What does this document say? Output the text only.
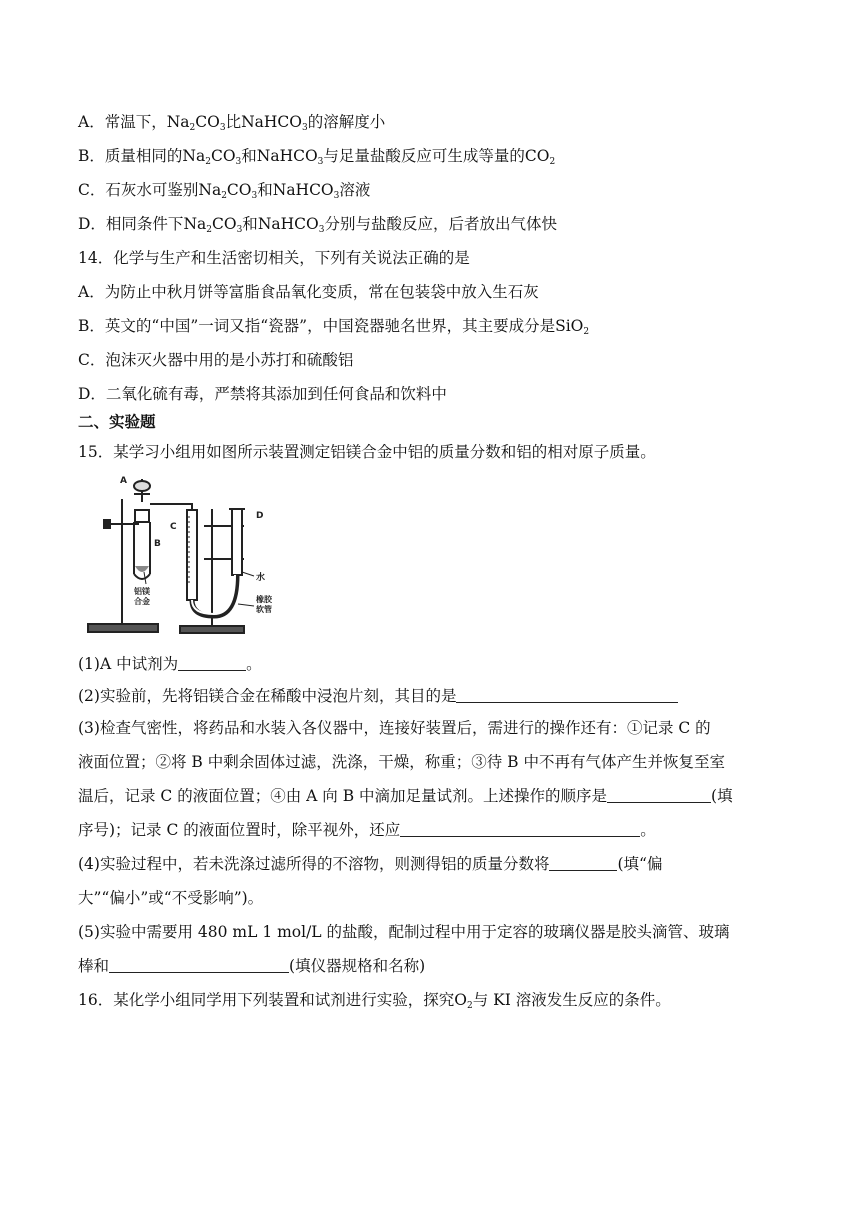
A．常温下，$Na_2CO_3$比NaHCO$_3$的溶解度小
B．质量相同的$Na_2CO_3$和NaHCO$_3$与足量盐酸反应可生成等量的$CO_2$
C．石灰水可鉴别$Na_2CO_3$和NaHCO$_3$溶液
D．相同条件下$Na_2CO_3$和NaHCO$_3$分别与盐酸反应，后者放出气体快
14．化学与生产和生活密切相关，下列有关说法正确的是
A．为防止中秋月饼等富脂食品氧化变质，常在包装袋中放入生石灰
B．英文的“中国”一词又指“瓷器”，中国瓷器驰名世界，其主要成分是SiO$_2$
C．泡沫灭火器中用的是小苏打和硫酸铝
D．二氧化硫有毒，严禁将其添加到任何食品和饮料中
二、实验题
15．某学习小组用如图所示装置测定铝镁合金中铝的质量分数和铝的相对原子质量。
A
B
C
D
水
铝镁
合金	橡胶
软管
(1)A 中试剂为	。
(2)实验前，先将铝镁合金在稀酸中浸泡片刻，其目的是
(3)检查气密性，将药品和水装入各仪器中，连接好装置后，需进行的操作还有：①记录 C 的
液面位置；②将 B 中剩余固体过滤，洗涤，干燥，称重；③待 B 中不再有气体产生并恢复至室
温后，记录 C 的液面位置；④由 A 向 B 中滴加足量试剂。上述操作的顺序是	(填
序号)；记录 C 的液面位置时，除平视外，还应	。
(4)实验过程中，若未洗涤过滤所得的不溶物，则测得铝的质量分数将	(填“偏
大”“偏小”或“不受影响”)。
(5)实验中需要用 480 mL 1 mol/L 的盐酸，配制过程中用于定容的玻璃仪器是胶头滴管、玻璃
棒和	(填仪器规格和名称)
16．某化学小组同学用下列装置和试剂进行实验，探究$O_2$与 KI 溶液发生反应的条件。
